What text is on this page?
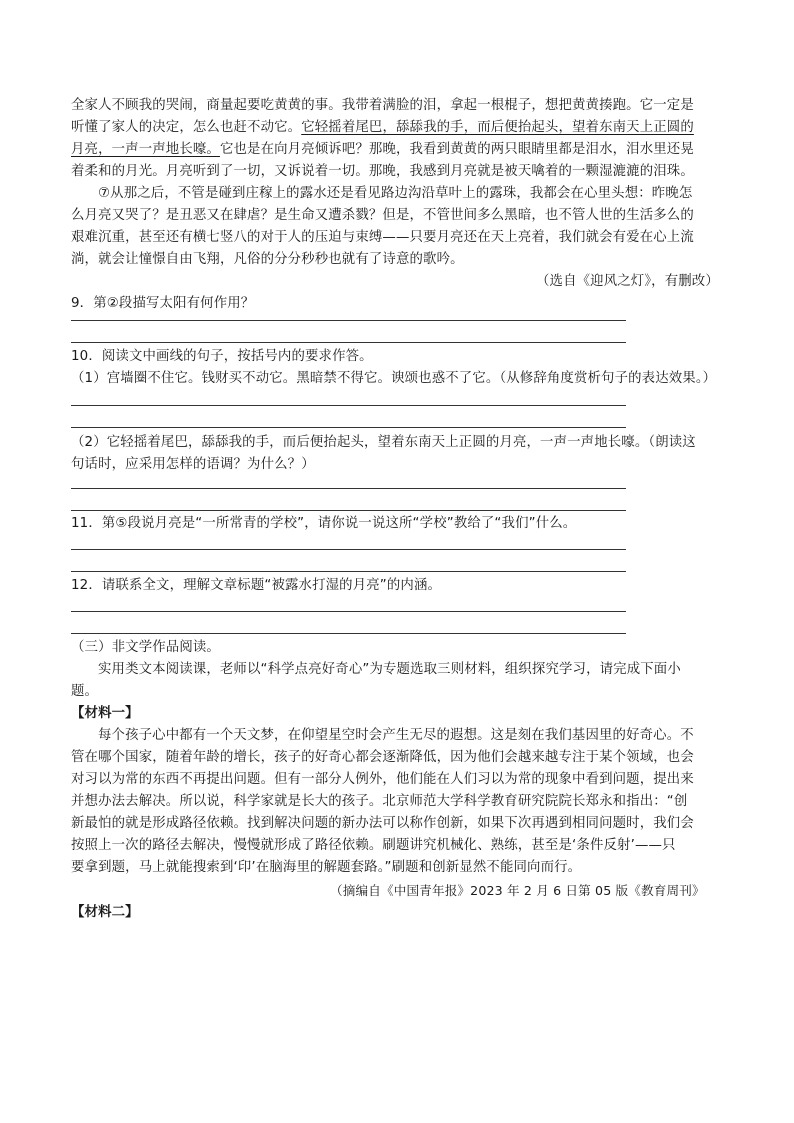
全家人不顾我的哭闹，商量起要吃黄黄的事。我带着满脸的泪，拿起一根棍子，想把黄黄揍跑。它一定是
听懂了家人的决定，怎么也赶不动它。它轻摇着尾巴，舔舔我的手，而后便抬起头，望着东南天上正圆的
月亮，一声一声地长嚎。它也是在向月亮倾诉吧？那晚，我看到黄黄的两只眼睛里都是泪水，泪水里还晃
着柔和的月光。月亮听到了一切，又诉说着一切。那晚，我感到月亮就是被天噙着的一颗湿漉漉的泪珠。
⑦从那之后，不管是碰到庄稼上的露水还是看见路边沟沿草叶上的露珠，我都会在心里头想：昨晚怎
么月亮又哭了？是丑恶又在肆虐？是生命又遭杀戮？但是，不管世间多么黑暗，也不管人世的生活多么的
艰难沉重，甚至还有横七竖八的对于人的压迫与束缚——只要月亮还在天上亮着，我们就会有爱在心上流
淌，就会让憧憬自由飞翔，凡俗的分分秒秒也就有了诗意的歌吟。
（选自《迎风之灯》，有删改）
9．第②段描写太阳有何作用？
10．阅读文中画线的句子，按括号内的要求作答。
（1）宫墙圈不住它。钱财买不动它。黑暗禁不得它。谀颂也惑不了它。（从修辞角度赏析句子的表达效果。）
（2）它轻摇着尾巴，舔舔我的手，而后便抬起头，望着东南天上正圆的月亮，一声一声地长嚎。（朗读这
句话时，应采用怎样的语调？为什么？）
11．第⑤段说月亮是“一所常青的学校”，请你说一说这所“学校”教给了“我们”什么。
12．请联系全文，理解文章标题“被露水打湿的月亮”的内涵。
（三）非文学作品阅读。
实用类文本阅读课，老师以“科学点亮好奇心”为专题选取三则材料，组织探究学习，请完成下面小
题。
【材料一】
每个孩子心中都有一个天文梦，在仰望星空时会产生无尽的遐想。这是刻在我们基因里的好奇心。不
管在哪个国家，随着年龄的增长，孩子的好奇心都会逐渐降低，因为他们会越来越专注于某个领域，也会
对习以为常的东西不再提出问题。但有一部分人例外，他们能在人们习以为常的现象中看到问题，提出来
并想办法去解决。所以说，科学家就是长大的孩子。北京师范大学科学教育研究院院长郑永和指出：“创
新最怕的就是形成路径依赖。找到解决问题的新办法可以称作创新，如果下次再遇到相同问题时，我们会
按照上一次的路径去解决，慢慢就形成了路径依赖。刷题讲究机械化、熟练，甚至是‘条件反射’——只
要拿到题，马上就能搜索到‘印’在脑海里的解题套路。”刷题和创新显然不能同向而行。
（摘编自《中国青年报》2023 年 2 月 6 日第 05 版《教育周刊》
【材料二】
